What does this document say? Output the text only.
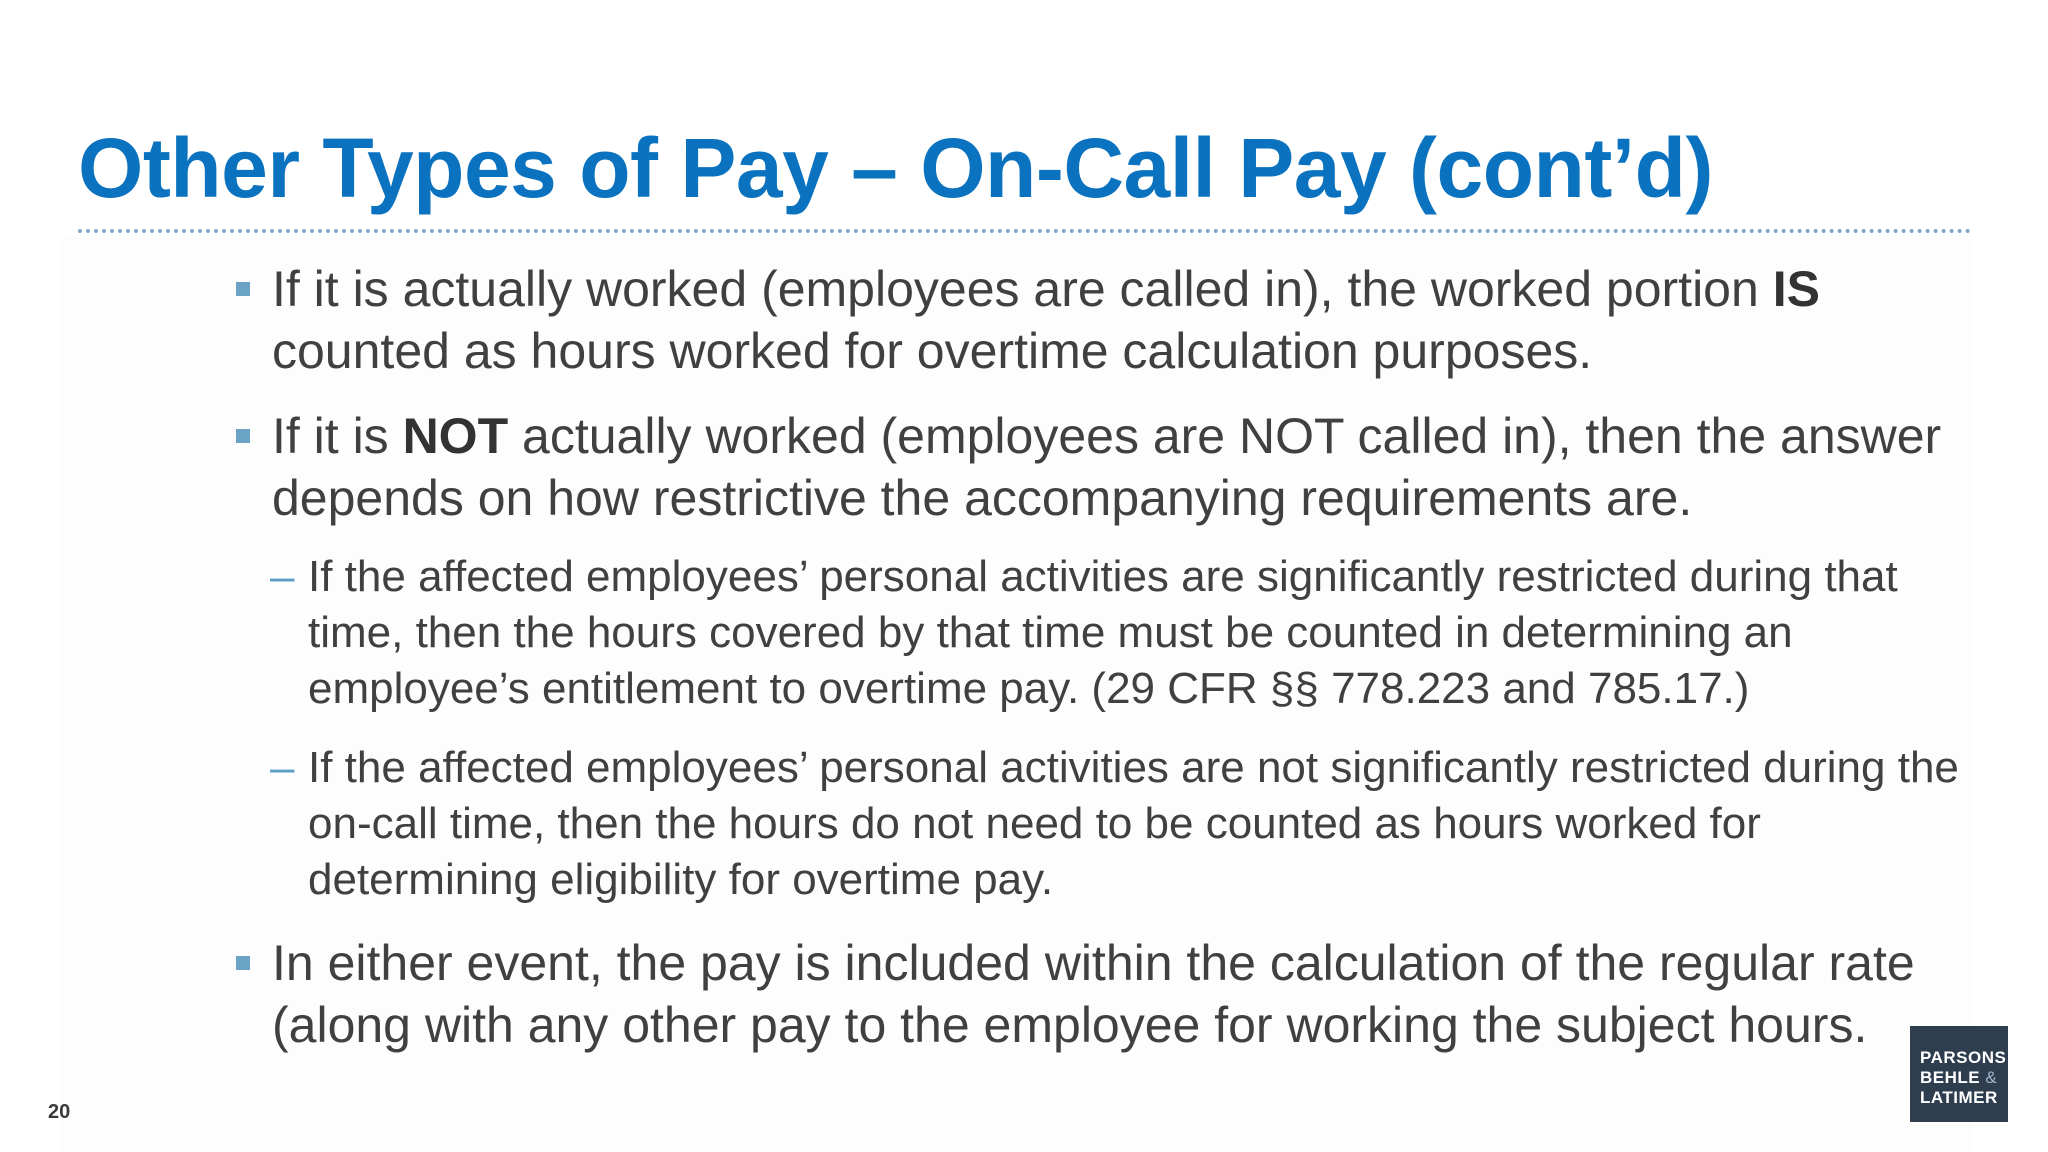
Other Types of Pay – On-Call Pay (cont’d)
If it is actually worked (employees are called in), the worked portion IS counted as hours worked for overtime calculation purposes.
If it is NOT actually worked (employees are NOT called in), then the answer depends on how restrictive the accompanying requirements are.
– If the affected employees’ personal activities are significantly restricted during that time, then the hours covered by that time must be counted in determining an employee’s entitlement to overtime pay. (29 CFR §§ 778.223 and 785.17.)
– If the affected employees’ personal activities are not significantly restricted during the on-call time, then the hours do not need to be counted as hours worked for determining eligibility for overtime pay.
In either event, the pay is included within the calculation of the regular rate (along with any other pay to the employee for working the subject hours.
20
PARSONS
BEHLE &
LATIMER
